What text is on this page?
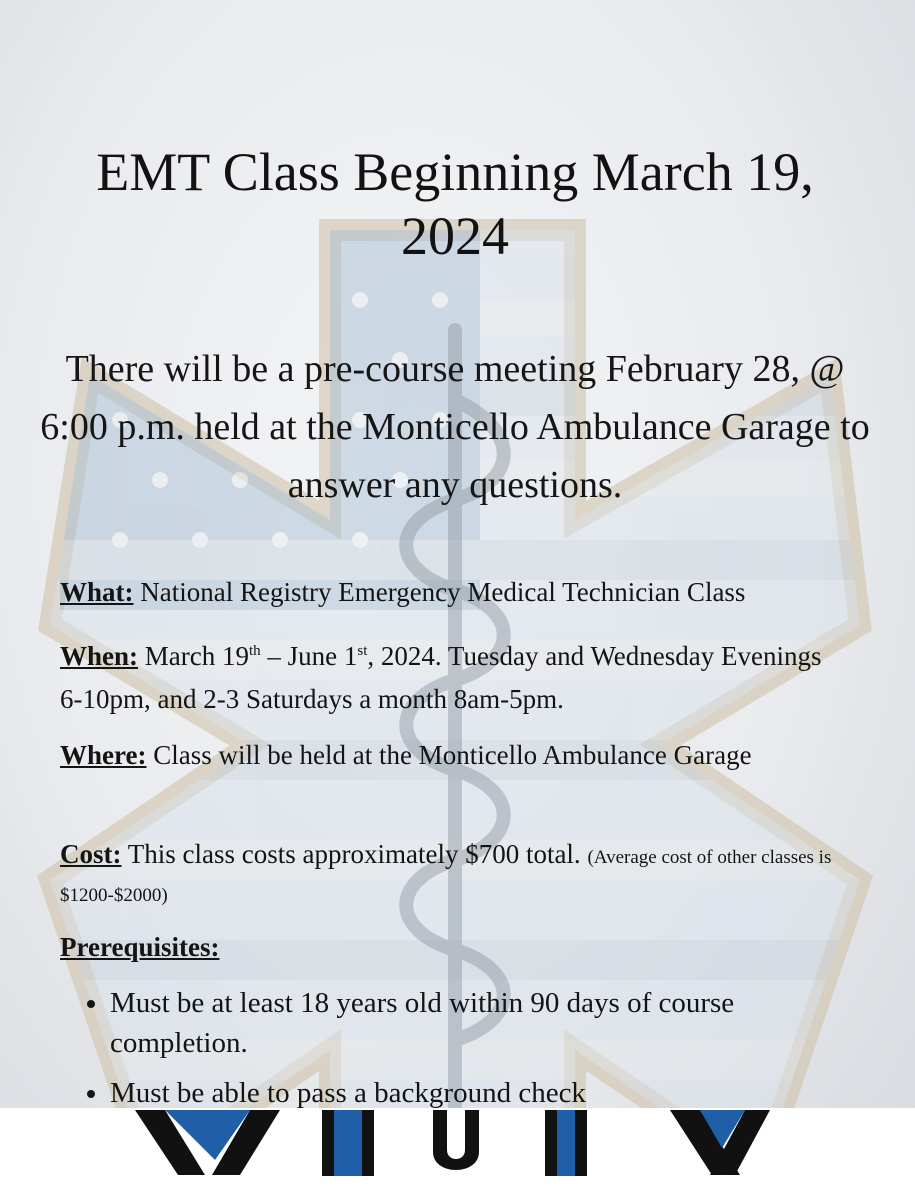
EMT Class Beginning March 19, 2024

There will be a pre-course meeting February 28, @ 6:00 p.m. held at the Monticello Ambulance Garage to answer any questions.

What: National Registry Emergency Medical Technician Class

When: March 19th – June 1st, 2024. Tuesday and Wednesday Evenings 6-10pm, and 2-3 Saturdays a month 8am-5pm.

Where: Class will be held at the Monticello Ambulance Garage

Cost: This class costs approximately $700 total. (Average cost of other classes is $1200-$2000)

Prerequisites:

• Must be at least 18 years old within 90 days of course completion.
• Must be able to pass a background check
